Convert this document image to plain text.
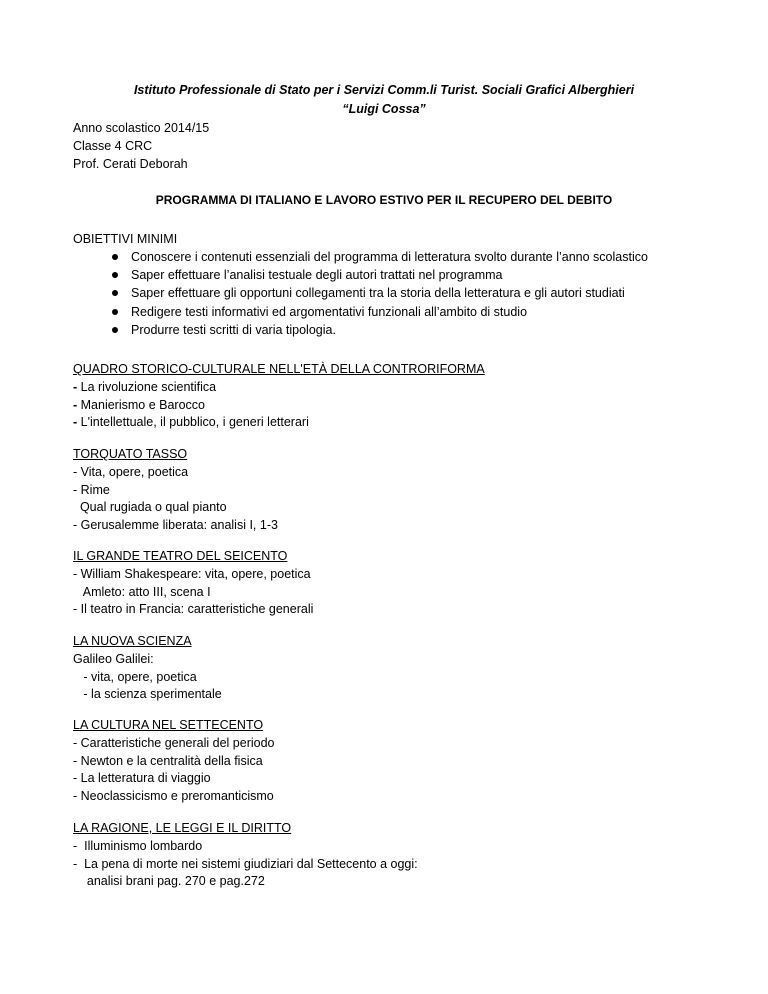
Istituto Professionale di Stato per i Servizi Comm.li Turist. Sociali Grafici Alberghieri
“Luigi Cossa”
Anno scolastico 2014/15
Classe 4 CRC
Prof. Cerati Deborah
PROGRAMMA DI ITALIANO E LAVORO ESTIVO PER IL RECUPERO DEL DEBITO
OBIETTIVI MINIMI
Conoscere i contenuti essenziali del programma di letteratura svolto durante l’anno scolastico
Saper effettuare l’analisi testuale degli autori trattati nel programma
Saper effettuare gli opportuni collegamenti tra la storia della letteratura e gli autori studiati
Redigere testi informativi ed argomentativi funzionali all’ambito di studio
Produrre testi scritti di varia tipologia.
QUADRO STORICO-CULTURALE NELL'ETÀ DELLA CONTRORIFORMA
- La rivoluzione scientifica
- Manierismo e Barocco
- L'intellettuale, il pubblico, i generi letterari
TORQUATO TASSO
- Vita, opere, poetica
- Rime
Qual rugiada o qual pianto
- Gerusalemme liberata: analisi I, 1-3
IL GRANDE TEATRO DEL SEICENTO
- William Shakespeare: vita, opere, poetica
Amleto: atto III, scena I
- Il teatro in Francia: caratteristiche generali
LA NUOVA SCIENZA
Galileo Galilei:
- vita, opere, poetica
- la scienza sperimentale
LA CULTURA NEL SETTECENTO
- Caratteristiche generali del periodo
- Newton e la centralità della fisica
- La letteratura di viaggio
- Neoclassicismo e preromanticismo
LA RAGIONE, LE LEGGI E IL DIRITTO
-  Illuminismo lombardo
-  La pena di morte nei sistemi giudiziari dal Settecento a oggi:
analisi brani pag. 270 e pag.272
